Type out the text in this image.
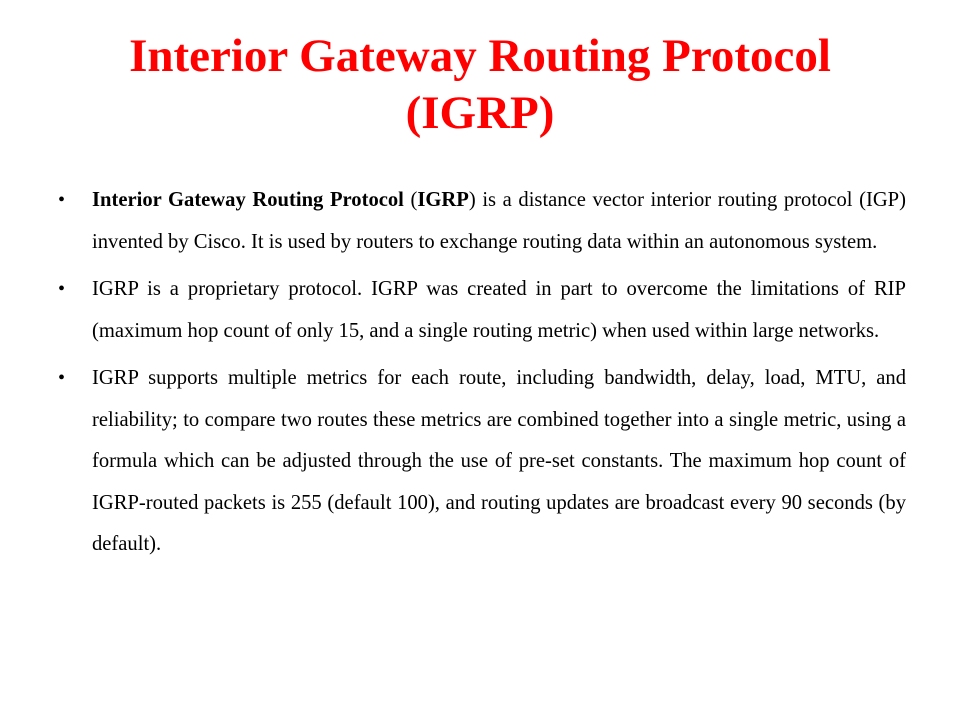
Interior Gateway Routing Protocol
(IGRP)
•	Interior Gateway Routing Protocol (IGRP) is a distance vector interior routing protocol (IGP) invented by Cisco. It is used by routers to exchange routing data within an autonomous system.
•	IGRP is a proprietary protocol. IGRP was created in part to overcome the limitations of RIP (maximum hop count of only 15, and a single routing metric) when used within large networks.
•	IGRP supports multiple metrics for each route, including bandwidth, delay, load, MTU, and reliability; to compare two routes these metrics are combined together into a single metric, using a formula which can be adjusted through the use of pre-set constants. The maximum hop count of IGRP-routed packets is 255 (default 100), and routing updates are broadcast every 90 seconds (by default).
